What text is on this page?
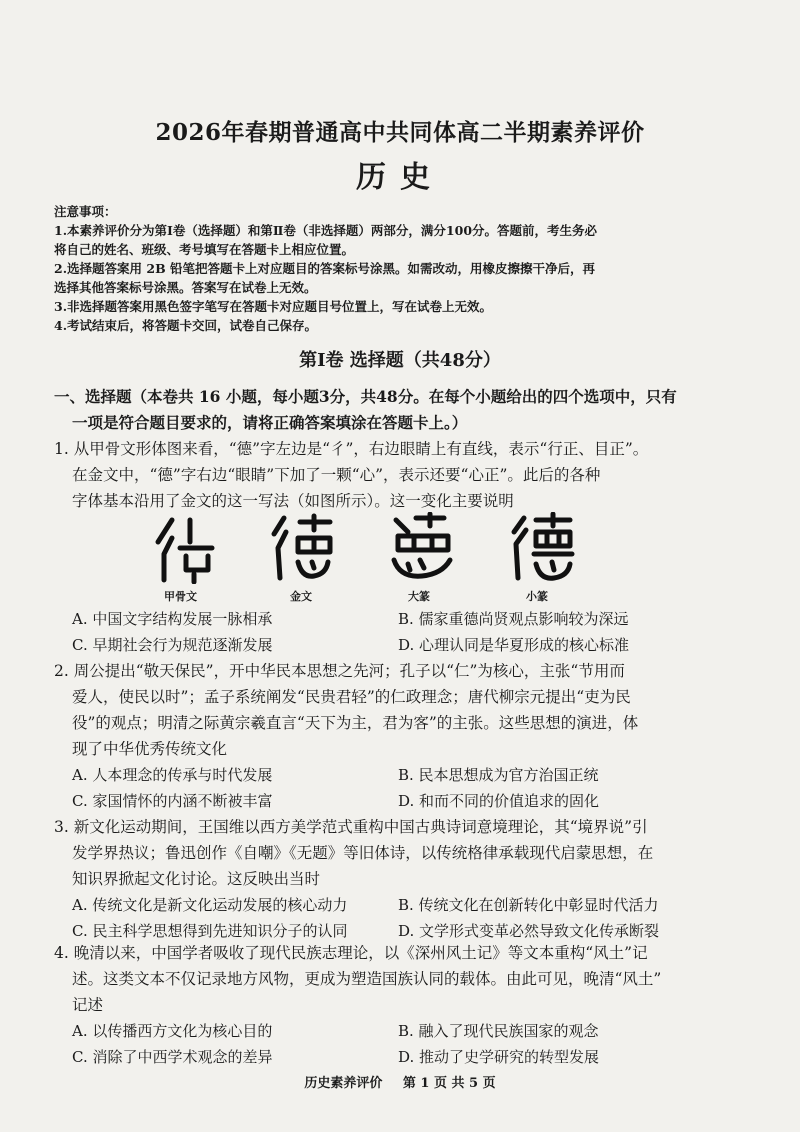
2026年春期普通高中共同体高二半期素养评价
历史
注意事项：
1.本素养评价分为第Ⅰ卷（选择题）和第Ⅱ卷（非选择题）两部分，满分100分。答题前，考生务必
将自己的姓名、班级、考号填写在答题卡上相应位置。
2.选择题答案用 2B 铅笔把答题卡上对应题目的答案标号涂黑。如需改动，用橡皮擦擦干净后，再
选择其他答案标号涂黑。答案写在试卷上无效。
3.非选择题答案用黑色签字笔写在答题卡对应题目号位置上，写在试卷上无效。
4.考试结束后，将答题卡交回，试卷自己保存。
第Ⅰ卷 选择题（共48分）
一、选择题（本卷共 16 小题，每小题3分，共48分。在每个小题给出的四个选项中，只有
一项是符合题目要求的，请将正确答案填涂在答题卡上。）
1. 从甲骨文形体图来看，“德”字左边是“彳”，右边眼睛上有直线，表示“行正、目正”。
在金文中，“德”字右边“眼睛”下加了一颗“心”，表示还要“心正”。此后的各种
字体基本沿用了金文的这一写法（如图所示）。这一变化主要说明
甲骨文	金文	大篆	小篆
A. 中国文字结构发展一脉相承	B. 儒家重德尚贤观点影响较为深远
C. 早期社会行为规范逐渐发展	D. 心理认同是华夏形成的核心标准
2. 周公提出“敬天保民”，开中华民本思想之先河；孔子以“仁”为核心，主张“节用而
爱人，使民以时”；孟子系统阐发“民贵君轻”的仁政理念；唐代柳宗元提出“吏为民
役”的观点；明清之际黄宗羲直言“天下为主，君为客”的主张。这些思想的演进，体
现了中华优秀传统文化
A. 人本理念的传承与时代发展	B. 民本思想成为官方治国正统
C. 家国情怀的内涵不断被丰富	D. 和而不同的价值追求的固化
3. 新文化运动期间，王国维以西方美学范式重构中国古典诗词意境理论，其“境界说”引
发学界热议；鲁迅创作《自嘲》《无题》等旧体诗，以传统格律承载现代启蒙思想，在
知识界掀起文化讨论。这反映出当时
A. 传统文化是新文化运动发展的核心动力	B. 传统文化在创新转化中彰显时代活力
C. 民主科学思想得到先进知识分子的认同	D. 文学形式变革必然导致文化传承断裂
4. 晚清以来，中国学者吸收了现代民族志理论，以《深州风土记》等文本重构“风土”记
述。这类文本不仅记录地方风物，更成为塑造国族认同的载体。由此可见，晚清“风土”
记述
A. 以传播西方文化为核心目的	B. 融入了现代民族国家的观念
C. 消除了中西学术观念的差异	D. 推动了史学研究的转型发展
历史素养评价 第 1 页 共 5 页
